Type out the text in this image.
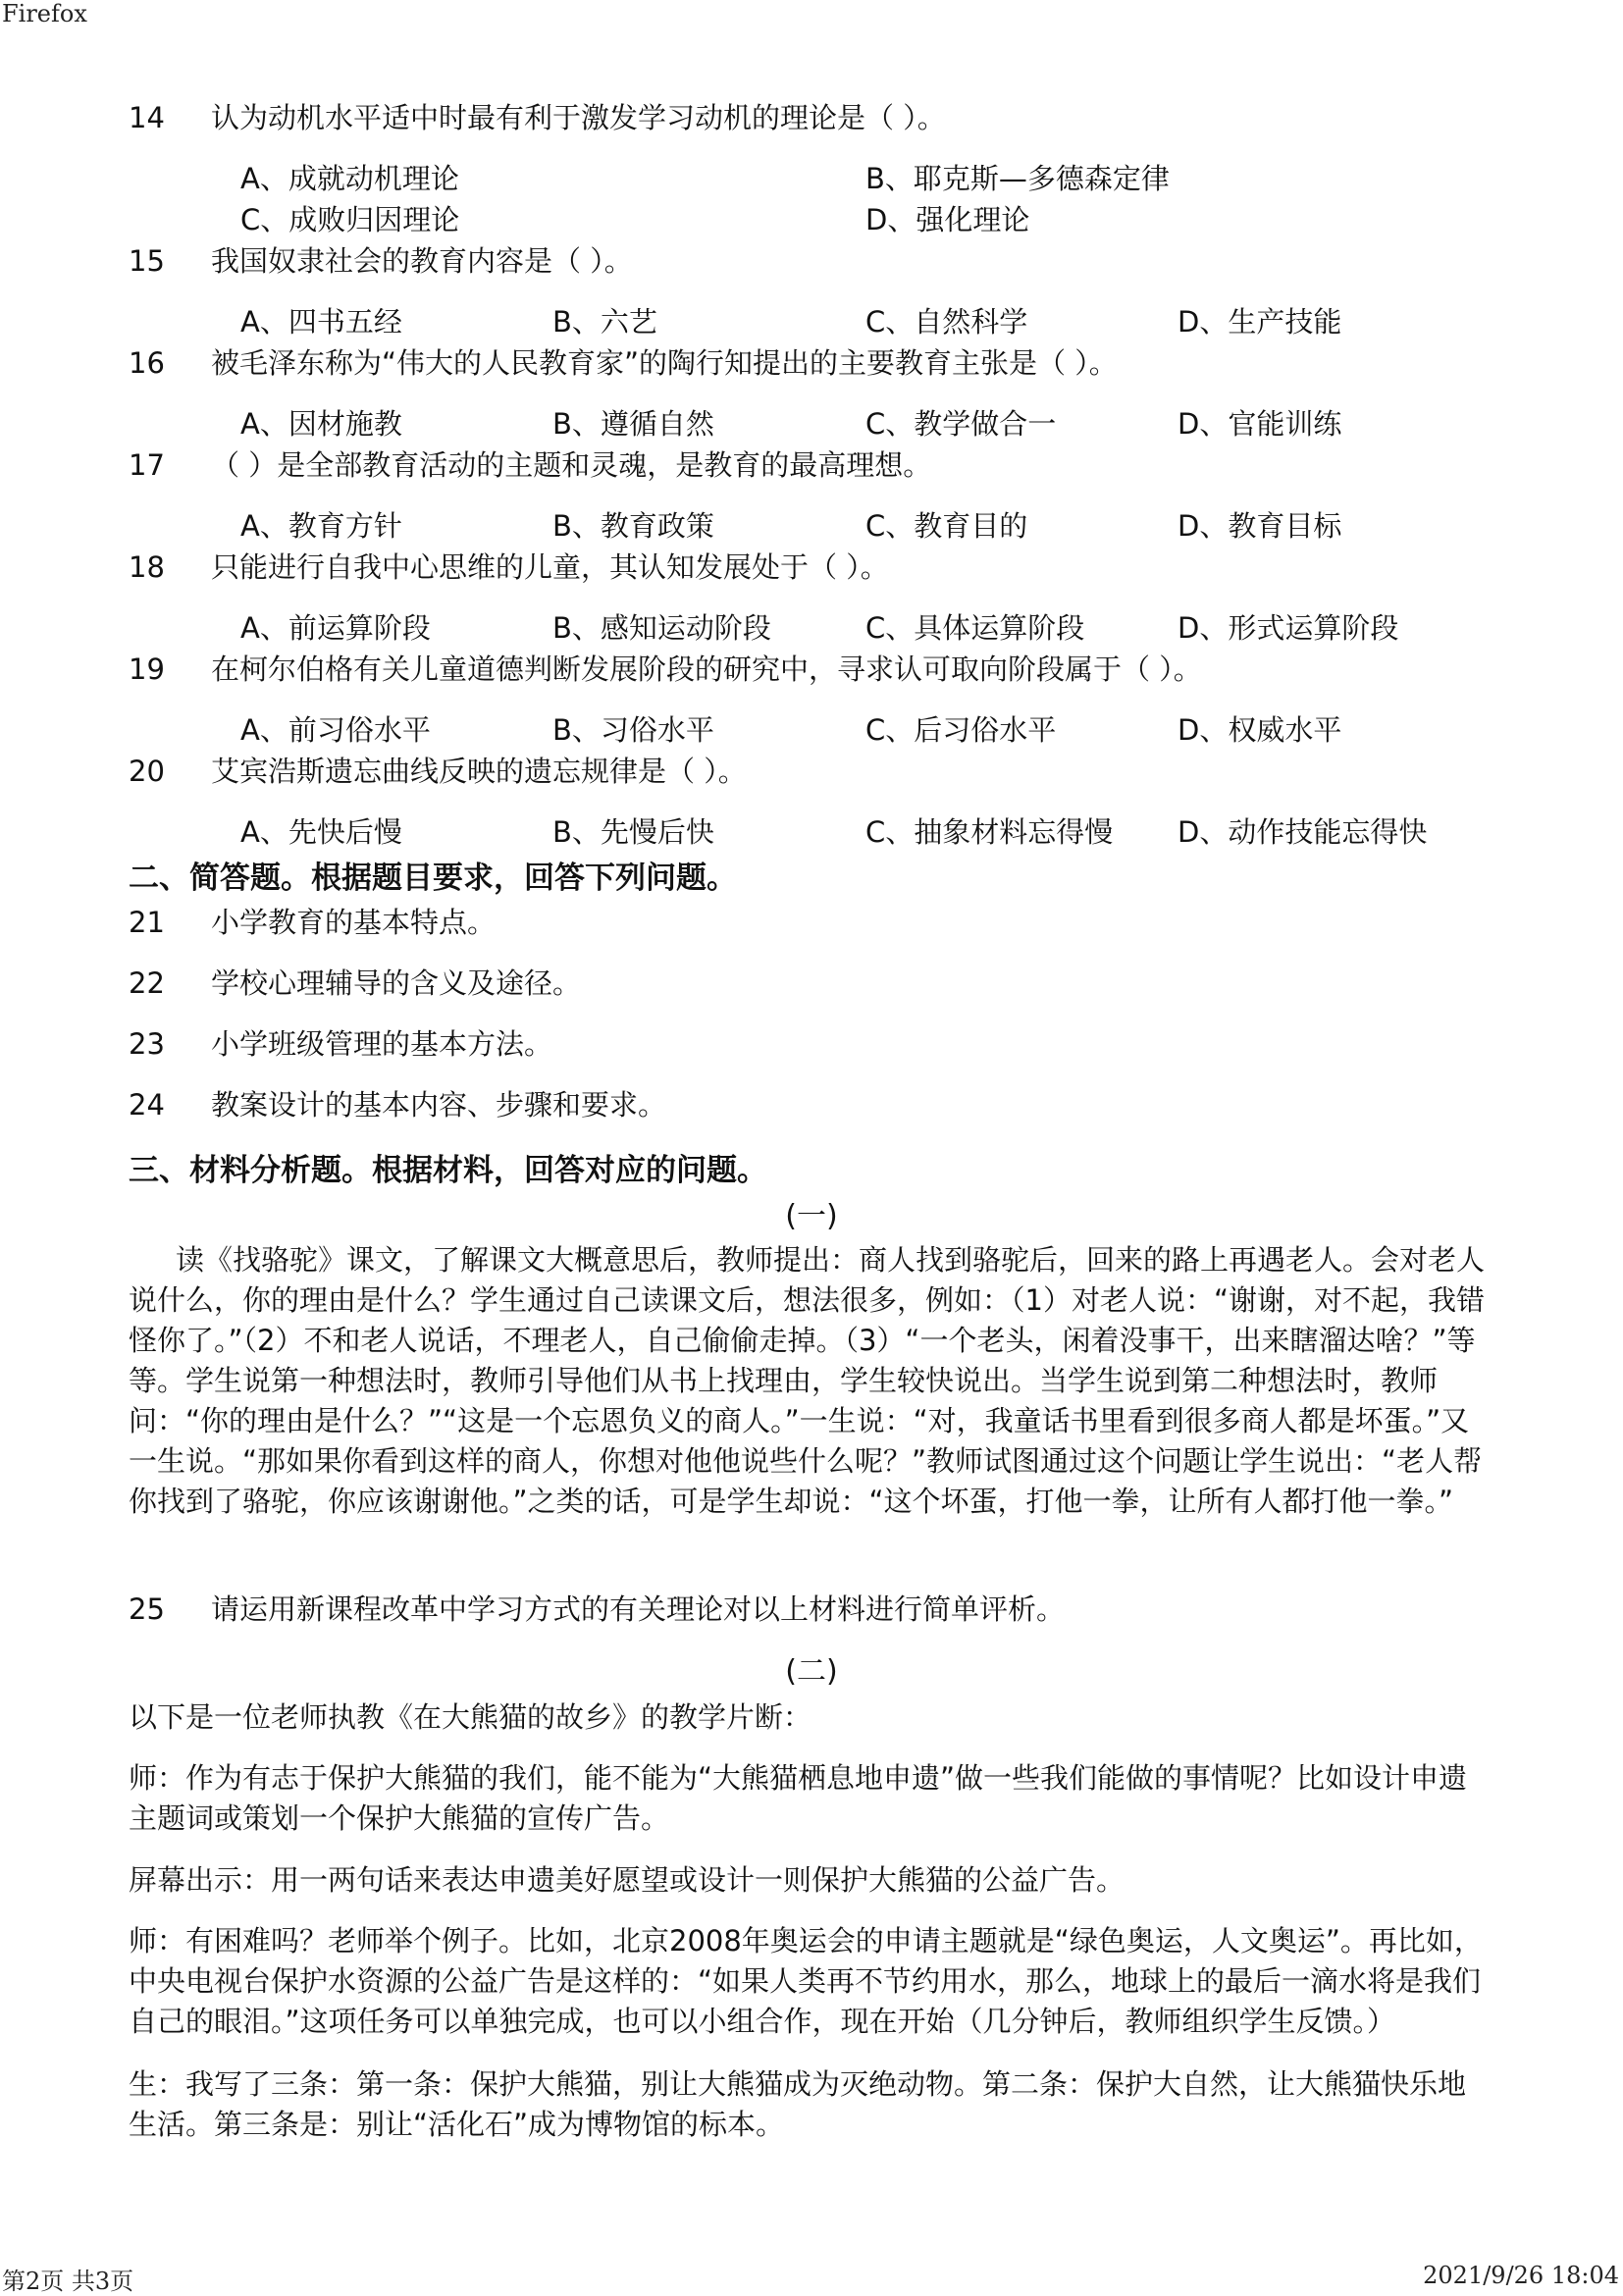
Firefox
14 认为动机水平适中时最有利于激发学习动机的理论是（ ）。
A、成就动机理论	B、耶克斯—多德森定律
C、成败归因理论	D、强化理论
15 我国奴隶社会的教育内容是（ ）。
A、四书五经	B、六艺	C、自然科学	D、生产技能
16 被毛泽东称为“伟大的人民教育家”的陶行知提出的主要教育主张是（ ）。
A、因材施教	B、遵循自然	C、教学做合一	D、官能训练
17 （ ）是全部教育活动的主题和灵魂，是教育的最高理想。
A、教育方针	B、教育政策	C、教育目的	D、教育目标
18 只能进行自我中心思维的儿童，其认知发展处于（ ）。
A、前运算阶段	B、感知运动阶段	C、具体运算阶段	D、形式运算阶段
19 在柯尔伯格有关儿童道德判断发展阶段的研究中，寻求认可取向阶段属于（ ）。
A、前习俗水平	B、习俗水平	C、后习俗水平	D、权威水平
20 艾宾浩斯遗忘曲线反映的遗忘规律是（ ）。
A、先快后慢	B、先慢后快	C、抽象材料忘得慢 D、动作技能忘得快
二、简答题。根据题目要求，回答下列问题。
21 小学教育的基本特点。
22 学校心理辅导的含义及途径。
23 小学班级管理的基本方法。
24 教案设计的基本内容、步骤和要求。
三、材料分析题。根据材料，回答对应的问题。
(一)
读《找骆驼》课文，了解课文大概意思后，教师提出：商人找到骆驼后，回来的路上再遇老人。会对老人说什么，你的理由是什么？学生通过自己读课文后，想法很多，例如：（1）对老人说：“谢谢，对不起，我错怪你了。”（2）不和老人说话，不理老人，自己偷偷走掉。（3）“一个老头，闲着没事干，出来瞎溜达啥？”等等。学生说第一种想法时，教师引导他们从书上找理由，学生较快说出。当学生说到第二种想法时，教师问：“你的理由是什么？”“这是一个忘恩负义的商人。”一生说：“对，我童话书里看到很多商人都是坏蛋。”又一生说。“那如果你看到这样的商人，你想对他他说些什么呢？”教师试图通过这个问题让学生说出：“老人帮你找到了骆驼，你应该谢谢他。”之类的话，可是学生却说：“这个坏蛋，打他一拳，让所有人都打他一拳。”
25 请运用新课程改革中学习方式的有关理论对以上材料进行简单评析。
(二)
以下是一位老师执教《在大熊猫的故乡》的教学片断：
师：作为有志于保护大熊猫的我们，能不能为“大熊猫栖息地申遗”做一些我们能做的事情呢？比如设计申遗主题词或策划一个保护大熊猫的宣传广告。
屏幕出示：用一两句话来表达申遗美好愿望或设计一则保护大熊猫的公益广告。
师：有困难吗？老师举个例子。比如，北京2008年奥运会的申请主题就是“绿色奥运，人文奥运”。再比如，中央电视台保护水资源的公益广告是这样的：“如果人类再不节约用水，那么，地球上的最后一滴水将是我们自己的眼泪。”这项任务可以单独完成，也可以小组合作，现在开始（几分钟后，教师组织学生反馈。）
生：我写了三条：第一条：保护大熊猫，别让大熊猫成为灭绝动物。第二条：保护大自然，让大熊猫快乐地生活。第三条是：别让“活化石”成为博物馆的标本。
第2页 共3页	2021/9/26 18:04
